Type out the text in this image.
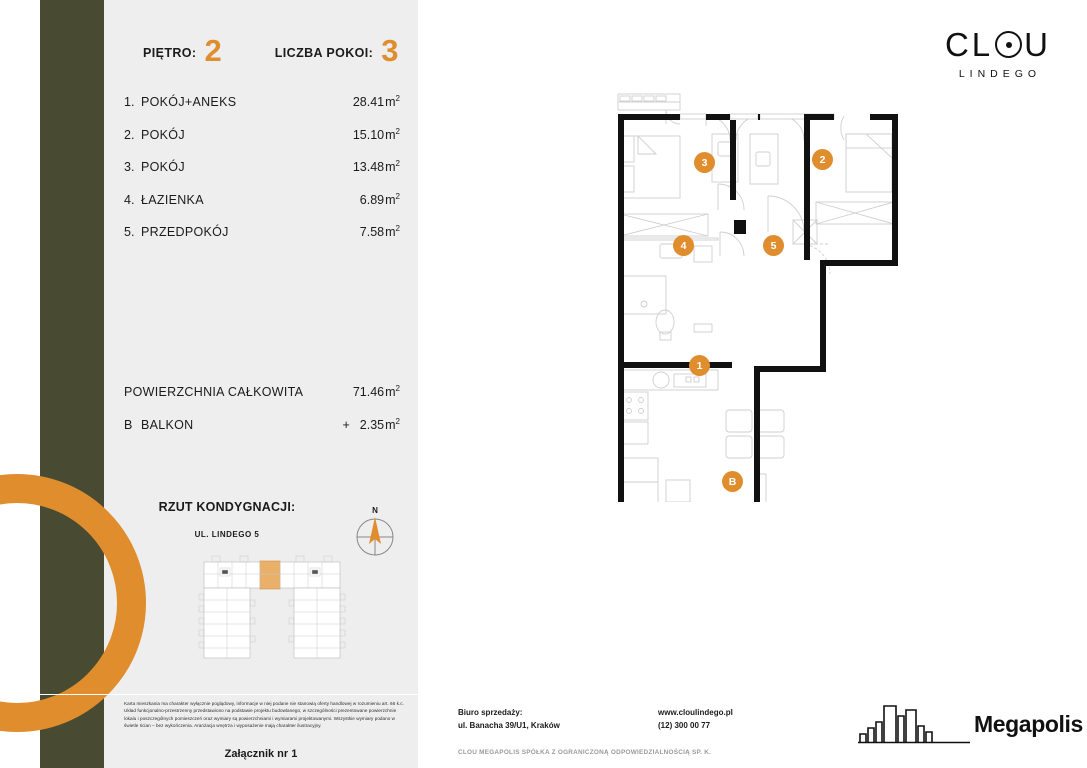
PIĘTRO: 2	LICZBA POKOI: 3
1. POKÓJ+ANEKS	$28.41m^2$
2. POKÓJ	$15.10m^2$
3. POKÓJ	$13.48m^2$
4. ŁAZIENKA	$6.89m^2$
5. PRZEDPOKÓJ	$7.58m^2$
POWIERZCHNIA CAŁKOWITA	$71.46m^2$
B BALKON	+ $2.35m^2$
RZUT KONDYGNACJI:
UL. LINDEGO 5
N
Karta mieszkania ma charakter wyłącznie poglądowy, informacje w niej podane nie stanowią oferty handlowej w rozumieniu art. 66 k.c. Układ funkcjonalno-przestrzenny przedstawiono na podstawie projektu budowlanego, w szczególności prezentowane powierzchnie lokalu i poszczególnych pomieszczeń oraz wymiary są powierzchniami i wymiarami projektowanymi. Wszystkie wymiary podano w świetle ścian – bez wykończenia. Aranżacja wnętrza i wyposażenie mają charakter ilustracyjny.
Załącznik nr 1
CL U
LINDEGO
1
2
3
4	5
B
Biuro sprzedaży:
ul. Banacha 39/U1, Kraków
www.cloulindego.pl
(12) 300 00 77
CLOU MEGAPOLIS SPÓŁKA Z OGRANICZONĄ ODPOWIEDZIALNOŚCIĄ SP. K.
Megapolis
